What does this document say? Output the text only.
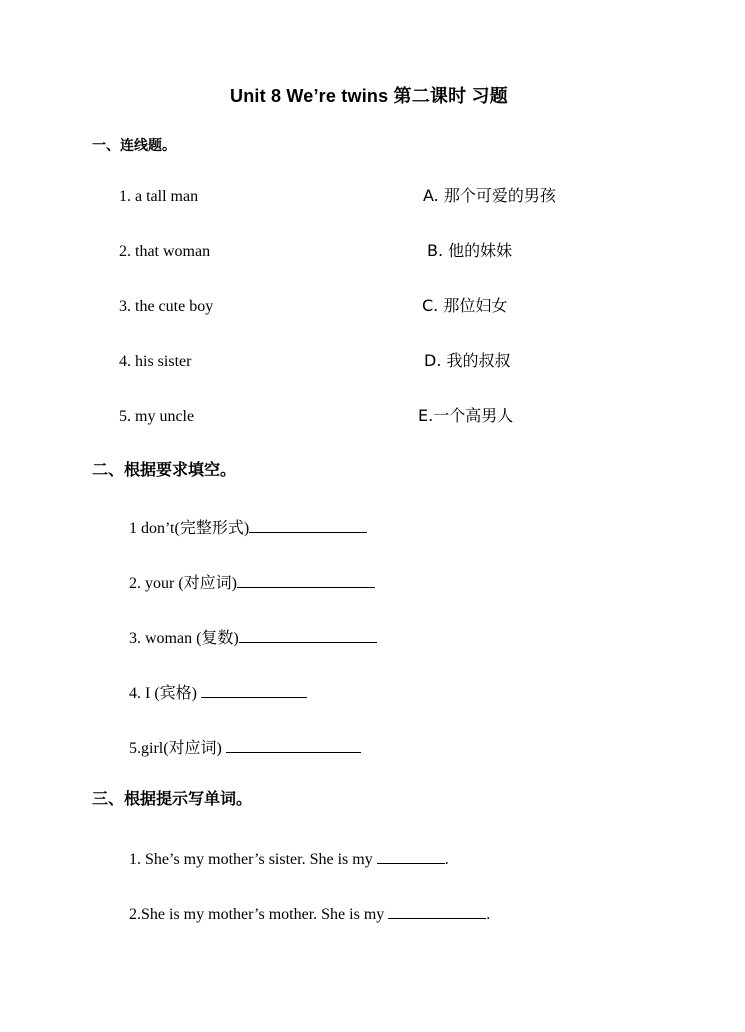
Unit 8 We’re twins 第二课时 习题
一、连线题。
1. a tall man
2. that woman
3. the cute boy
4. his sister
5. my uncle
A. 那个可爱的男孩
B. 他的妹妹
C. 那位妇女
D. 我的叔叔
E.一个高男人
二、根据要求填空。
1 don’t(完整形式)
2. your (对应词)
3. woman (复数)
4. I (宾格)
5.girl(对应词)
三、根据提示写单词。
1. She’s my mother’s sister. She is my	.
2.She is my mother’s mother. She is my	.
